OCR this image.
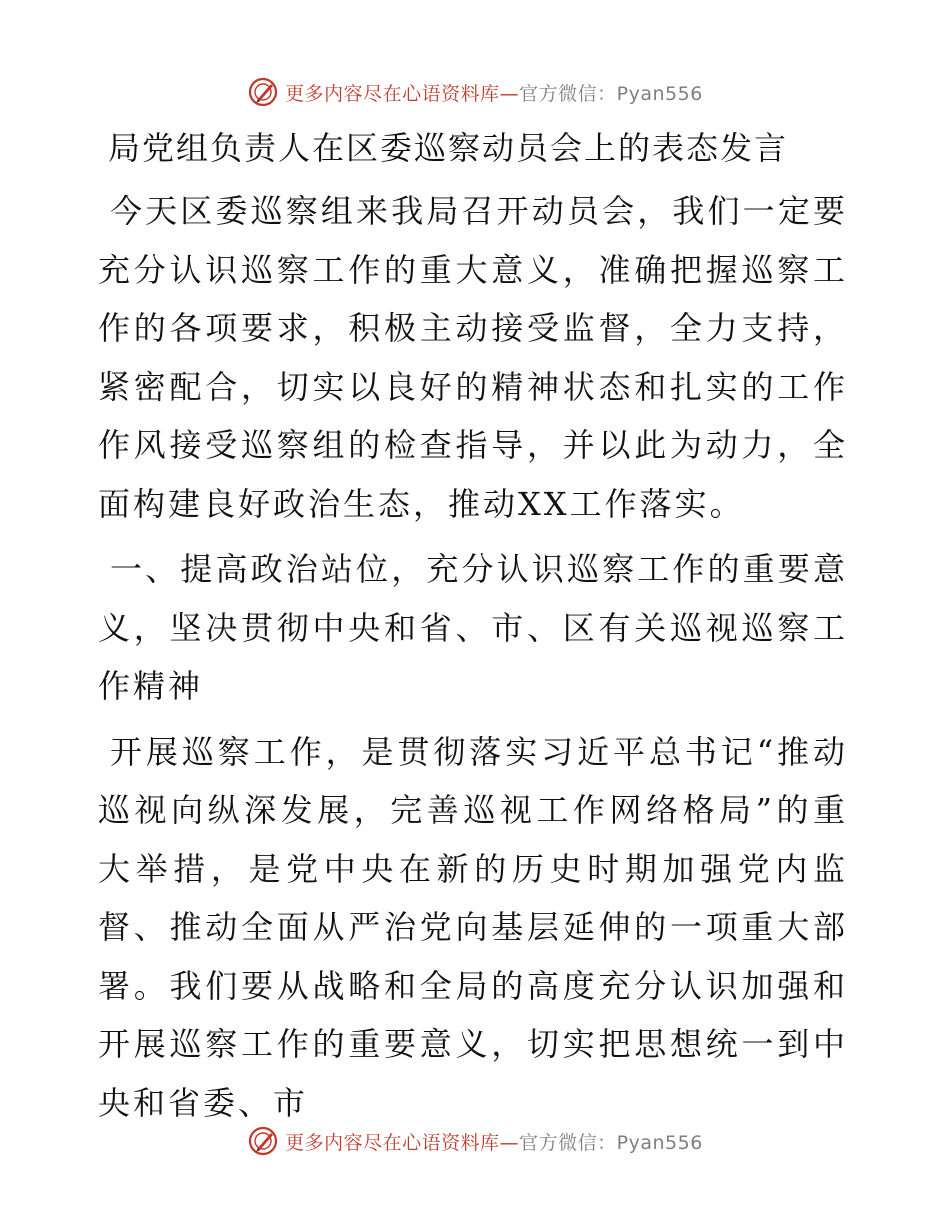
更多内容尽在心语资料库—官方微信：Pyan556
局党组负责人在区委巡察动员会上的表态发言

今天区委巡察组来我局召开动员会，我们一定要充分认识巡察工作的重大意义，准确把握巡察工作的各项要求，积极主动接受监督，全力支持，紧密配合，切实以良好的精神状态和扎实的工作作风接受巡察组的检查指导，并以此为动力，全面构建良好政治生态，推动XX工作落实。

一、提高政治站位，充分认识巡察工作的重要意义，坚决贯彻中央和省、市、区有关巡视巡察工作精神

开展巡察工作，是贯彻落实习近平总书记“推动巡视向纵深发展，完善巡视工作网络格局”的重大举措，是党中央在新的历史时期加强党内监督、推动全面从严治党向基层延伸的一项重大部署。我们要从战略和全局的高度充分认识加强和开展巡察工作的重要意义，切实把思想统一到中央和省委、市

更多内容尽在心语资料库—官方微信：Pyan556
